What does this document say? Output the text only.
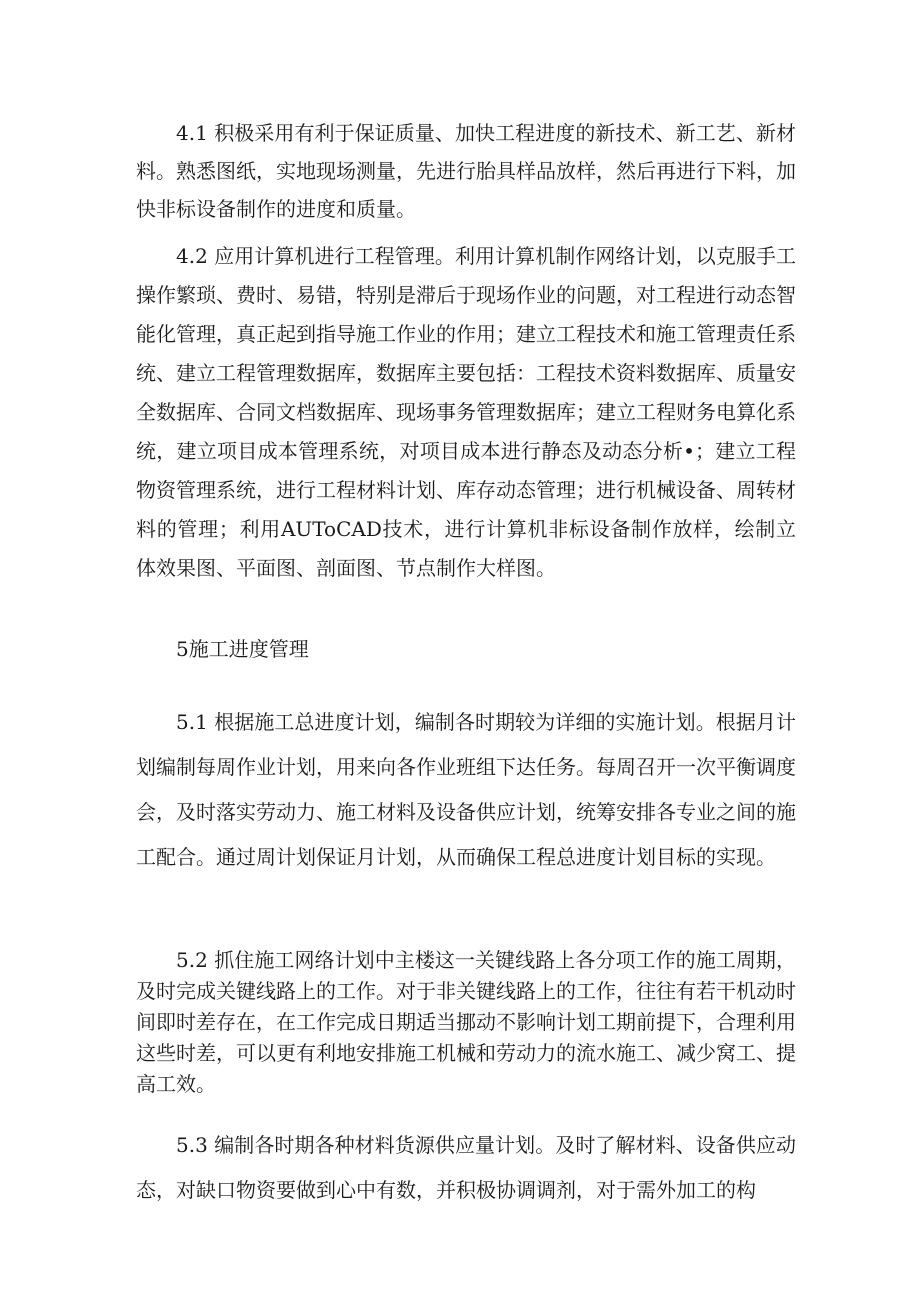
4.1 积极采用有利于保证质量、加快工程进度的新技术、新工艺、新材料。熟悉图纸，实地现场测量，先进行胎具样品放样，然后再进行下料，加快非标设备制作的进度和质量。

4.2 应用计算机进行工程管理。利用计算机制作网络计划，以克服手工操作繁琐、费时、易错，特别是滞后于现场作业的问题，对工程进行动态智能化管理，真正起到指导施工作业的作用；建立工程技术和施工管理责任系统、建立工程管理数据库，数据库主要包括：工程技术资料数据库、质量安全数据库、合同文档数据库、现场事务管理数据库；建立工程财务电算化系统，建立项目成本管理系统，对项目成本进行静态及动态分析•；建立工程物资管理系统，进行工程材料计划、库存动态管理；进行机械设备、周转材料的管理；利用AUToCAD技术，进行计算机非标设备制作放样，绘制立体效果图、平面图、剖面图、节点制作大样图。

5施工进度管理

5.1 根据施工总进度计划，编制各时期较为详细的实施计划。根据月计划编制每周作业计划，用来向各作业班组下达任务。每周召开一次平衡调度会，及时落实劳动力、施工材料及设备供应计划，统筹安排各专业之间的施工配合。通过周计划保证月计划，从而确保工程总进度计划目标的实现。

5.2 抓住施工网络计划中主楼这一关键线路上各分项工作的施工周期，及时完成关键线路上的工作。对于非关键线路上的工作，往往有若干机动时间即时差存在，在工作完成日期适当挪动不影响计划工期前提下，合理利用这些时差，可以更有利地安排施工机械和劳动力的流水施工、减少窝工、提高工效。

5.3 编制各时期各种材料货源供应量计划。及时了解材料、设备供应动态，对缺口物资要做到心中有数，并积极协调调剂，对于需外加工的构
